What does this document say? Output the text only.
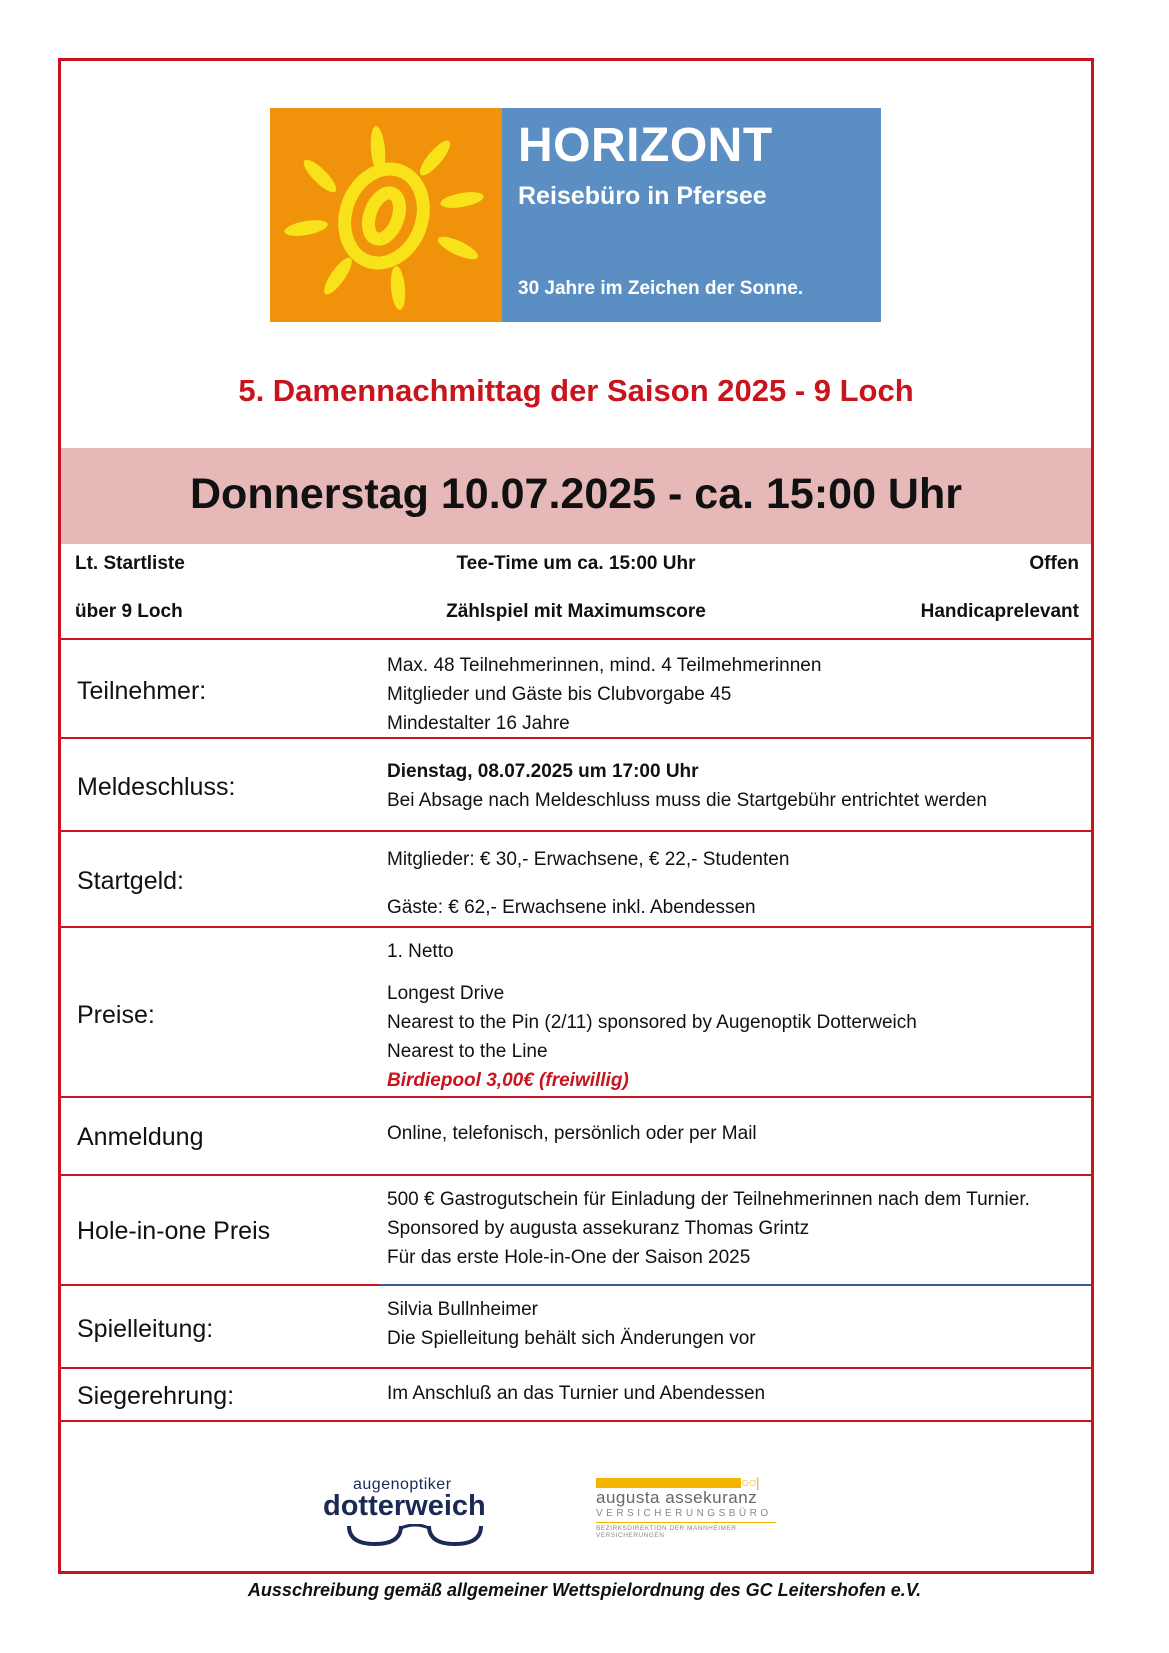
HORIZONT
Reisebüro in Pfersee
30 Jahre im Zeichen der Sonne.
5. Damennachmittag der Saison 2025 - 9 Loch
Donnerstag 10.07.2025 - ca. 15:00 Uhr
Lt. Startliste	Tee-Time um ca. 15:00 Uhr	Offen
über 9 Loch	Zählspiel mit Maximumscore	Handicaprelevant
Teilnehmer:
Max. 48 Teilnehmerinnen, mind. 4 Teilmehmerinnen
Mitglieder und Gäste bis Clubvorgabe 45
Mindestalter 16 Jahre
Meldeschluss:
Dienstag, 08.07.2025 um 17:00 Uhr
Bei Absage nach Meldeschluss muss die Startgebühr entrichtet werden
Startgeld:
Mitglieder: € 30,- Erwachsene, € 22,- Studenten
Gäste: € 62,- Erwachsene inkl. Abendessen
Preise:
1. Netto
Longest Drive
Nearest to the Pin (2/11) sponsored by Augenoptik Dotterweich
Nearest to the Line
Birdiepool 3,00€ (freiwillig)
Anmeldung	Online, telefonisch, persönlich oder per Mail
Hole-in-one Preis
500 € Gastrogutschein für Einladung der Teilnehmerinnen nach dem Turnier.
Sponsored by augusta assekuranz Thomas Grintz
Für das erste Hole-in-One der Saison 2025
Spielleitung:
Silvia Bullnheimer
Die Spielleitung behält sich Änderungen vor
Siegerehrung:	Im Anschluß an das Turnier und Abendessen
augenoptiker
dotterweich
○○|
augusta assekuranz
VERSICHERUNGSBÜRO
BEZIRKSDIREKTION DER MANNHEIMER VERSICHERUNGEN
Ausschreibung gemäß allgemeiner Wettspielordnung des GC Leitershofen e.V.
